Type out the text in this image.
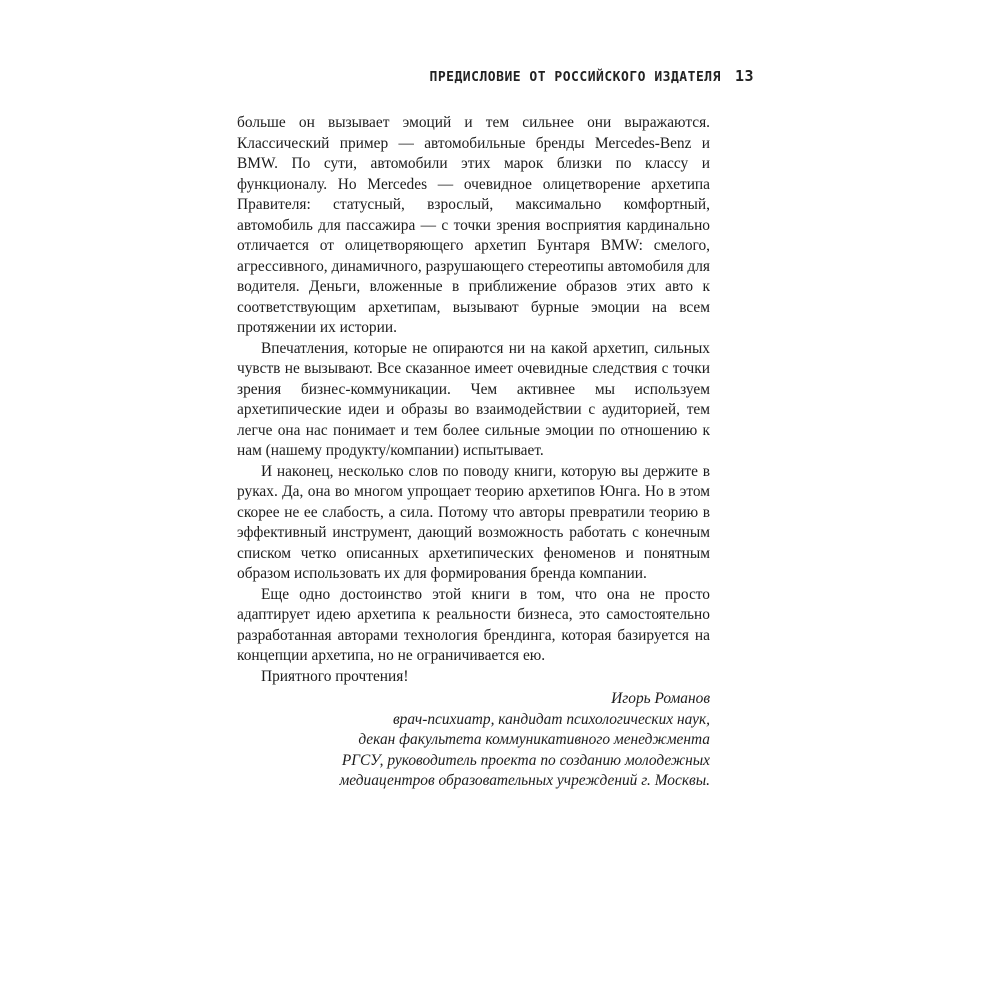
ПРЕДИСЛОВИЕ ОТ РОССИЙСКОГО ИЗДАТЕЛЯ 13

больше он вызывает эмоций и тем сильнее они выражаются. Классический пример — автомобильные бренды Mercedes-Benz и BMW. По сути, автомобили этих марок близки по классу и функционалу. Но Mercedes — очевидное олицетворение архетипа Правителя: статусный, взрослый, максимально комфортный, автомобиль для пассажира — с точки зрения восприятия кардинально отличается от олицетворяющего архетип Бунтаря BMW: смелого, агрессивного, динамичного, разрушающего стереотипы автомобиля для водителя. Деньги, вложенные в приближение образов этих авто к соответствующим архетипам, вызывают бурные эмоции на всем протяжении их истории.

Впечатления, которые не опираются ни на какой архетип, сильных чувств не вызывают. Все сказанное имеет очевидные следствия с точки зрения бизнес-коммуникации. Чем активнее мы используем архетипические идеи и образы во взаимодействии с аудиторией, тем легче она нас понимает и тем более сильные эмоции по отношению к нам (нашему продукту/компании) испытывает.

И наконец, несколько слов по поводу книги, которую вы держите в руках. Да, она во многом упрощает теорию архетипов Юнга. Но в этом скорее не ее слабость, а сила. Потому что авторы превратили теорию в эффективный инструмент, дающий возможность работать с конечным списком четко описанных архетипических феноменов и понятным образом использовать их для формирования бренда компании.

Еще одно достоинство этой книги в том, что она не просто адаптирует идею архетипа к реальности бизнеса, это самостоятельно разработанная авторами технология брендинга, которая базируется на концепции архетипа, но не ограничивается ею.

Приятного прочтения!

Игорь Романов
врач-психиатр, кандидат психологических наук,
декан факультета коммуникативного менеджмента
РГСУ, руководитель проекта по созданию молодежных
медиацентров образовательных учреждений г. Москвы.
